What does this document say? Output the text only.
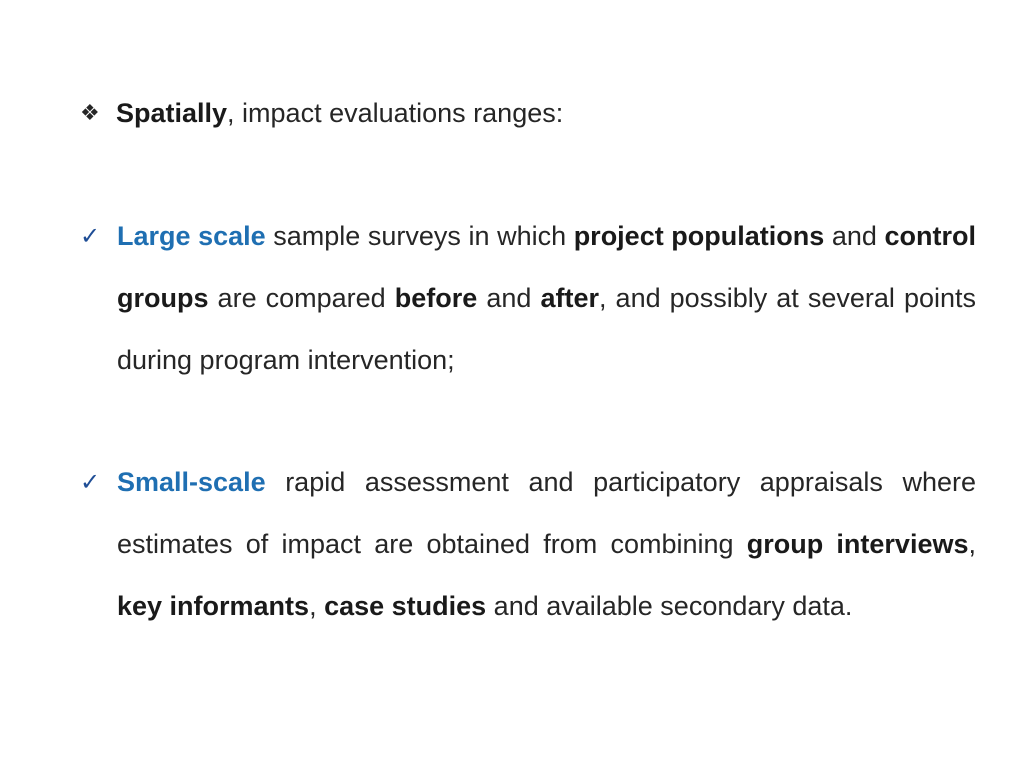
❖ Spatially, impact evaluations ranges:
✓ Large scale sample surveys in which project populations and control groups are compared before and after, and possibly at several points during program intervention;
✓ Small-scale rapid assessment and participatory appraisals where estimates of impact are obtained from combining group interviews, key informants, case studies and available secondary data.
